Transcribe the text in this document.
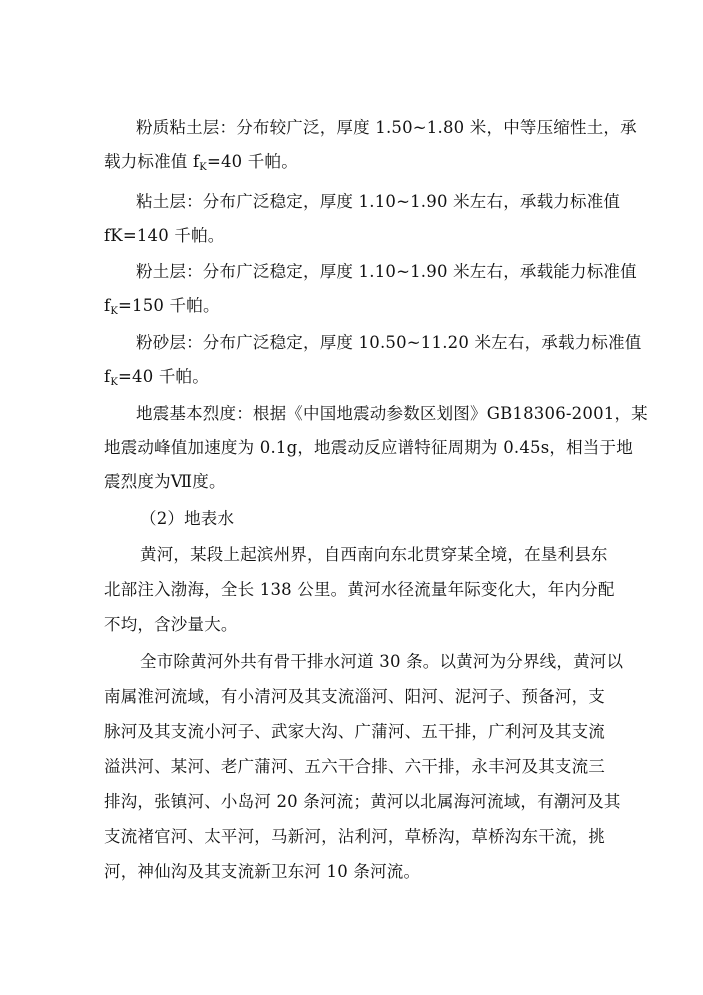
粉质粘土层：分布较广泛，厚度 1.50~1.80 米，中等压缩性土，承
载力标准值 $f_K=40$ 千帕。
粘土层：分布广泛稳定，厚度 1.10~1.90 米左右，承载力标准值
fK=140 千帕。
粉土层：分布广泛稳定，厚度 1.10~1.90 米左右，承载能力标准值
$f_K=150$ 千帕。
粉砂层：分布广泛稳定，厚度 10.50~11.20 米左右，承载力标准值
$f_K=40$ 千帕。
地震基本烈度：根据《中国地震动参数区划图》GB18306-2001，某
地震动峰值加速度为 0.1g，地震动反应谱特征周期为 0.45s，相当于地
震烈度为Ⅶ度。
（2）地表水
黄河，某段上起滨州界，自西南向东北贯穿某全境，在垦利县东
北部注入渤海，全长 138 公里。黄河水径流量年际变化大，年内分配
不均，含沙量大。
全市除黄河外共有骨干排水河道 30 条。以黄河为分界线，黄河以
南属淮河流域，有小清河及其支流淄河、阳河、泥河子、预备河，支
脉河及其支流小河子、武家大沟、广蒲河、五干排，广利河及其支流
溢洪河、某河、老广蒲河、五六干合排、六干排，永丰河及其支流三
排沟，张镇河、小岛河 20 条河流；黄河以北属海河流域，有潮河及其
支流褚官河、太平河，马新河，沾利河，草桥沟，草桥沟东干流，挑
河，神仙沟及其支流新卫东河 10 条河流。
